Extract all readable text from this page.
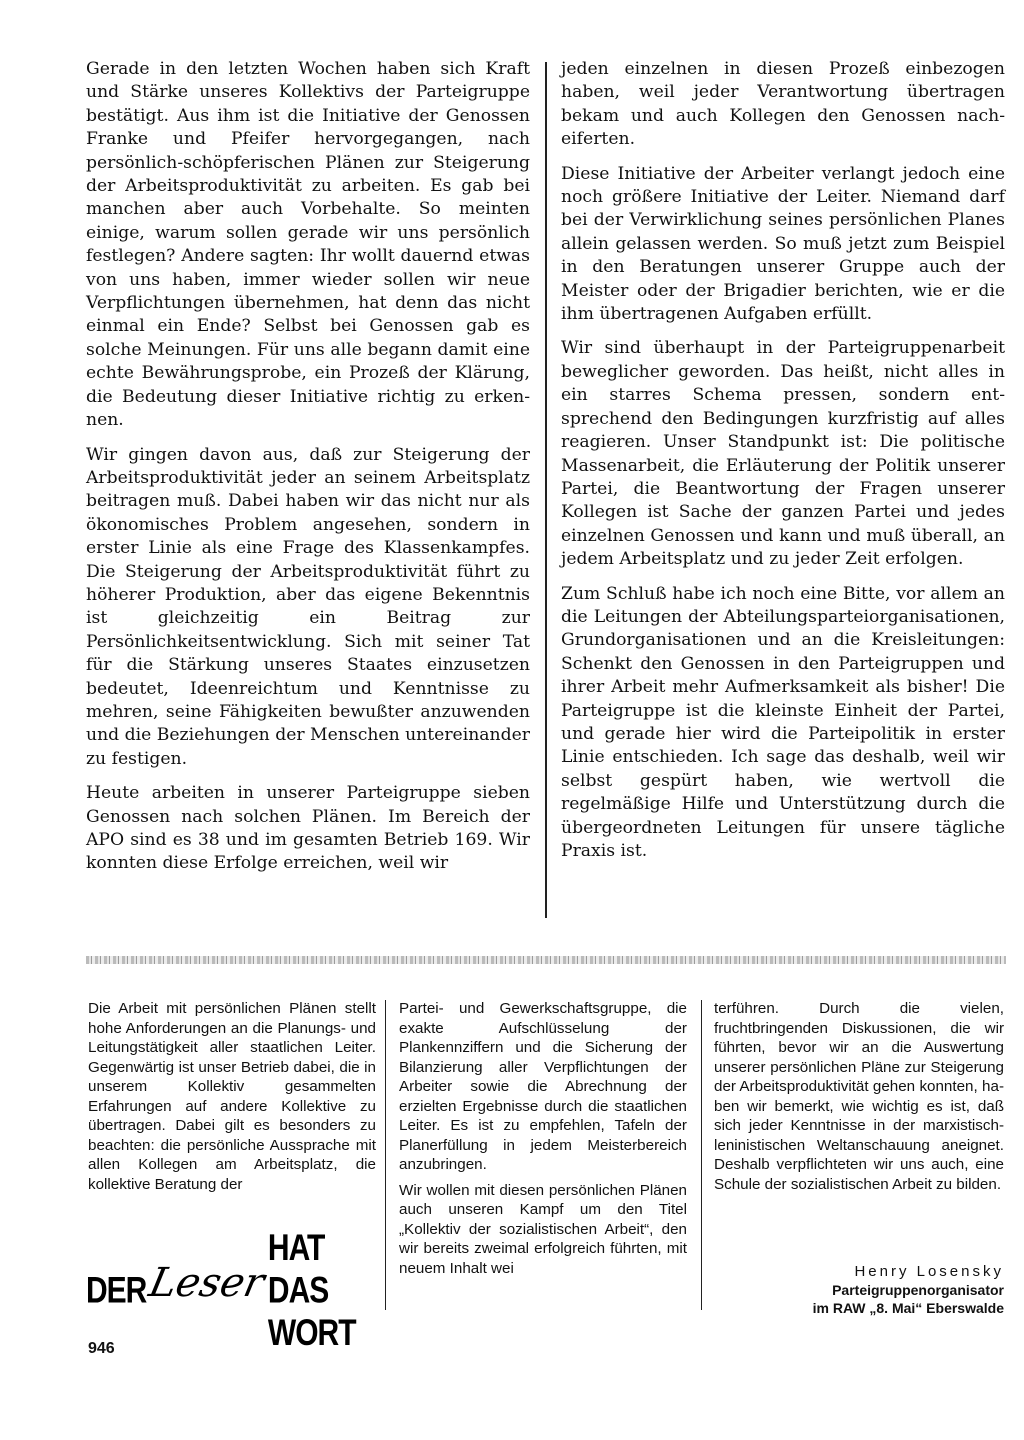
Gerade in den letzten Wochen haben sich Kraft und Stärke unseres Kollektivs der Parteigruppe bestätigt. Aus ihm ist die Initiative der Genossen Franke und Pfeifer hervorgegangen, nach persönlich-schöpferischen Plänen zur Steigerung der Arbeitsproduktivität zu arbeiten. Es gab bei manchen aber auch Vorbehalte. So meinten einige, warum sollen gerade wir uns persönlich festlegen? Andere sagten: Ihr wollt dauernd etwas von uns haben, immer wieder sollen wir neue Verpflichtungen übernehmen, hat denn das nicht einmal ein Ende? Selbst bei Genossen gab es solche Meinungen. Für uns alle begann damit eine echte Bewährungsprobe, ein Prozeß der Klärung, die Bedeutung dieser Initiative richtig zu erkennen.

Wir gingen davon aus, daß zur Steigerung der Arbeitsproduktivität jeder an seinem Arbeitsplatz beitragen muß. Dabei haben wir das nicht nur als ökonomisches Problem angesehen, sondern in erster Linie als eine Frage des Klassenkampfes. Die Steigerung der Arbeitsproduktivität führt zu höherer Produktion, aber das eigene Bekenntnis ist gleichzeitig ein Beitrag zur Persönlichkeitsentwicklung. Sich mit seiner Tat für die Stärkung unseres Staates einzusetzen bedeutet, Ideenreichtum und Kenntnisse zu mehren, seine Fähigkeiten bewußter anzuwenden und die Beziehungen der Menschen untereinander zu festigen.

Heute arbeiten in unserer Parteigruppe sieben Genossen nach solchen Plänen. Im Bereich der APO sind es 38 und im gesamten Betrieb 169. Wir konnten diese Erfolge erreichen, weil wir

jeden einzelnen in diesen Prozeß einbezogen haben, weil jeder Verantwortung übertragen bekam und auch Kollegen den Genossen nacheiferten.

Diese Initiative der Arbeiter verlangt jedoch eine noch größere Initiative der Leiter. Niemand darf bei der Verwirklichung seines persönlichen Planes allein gelassen werden. So muß jetzt zum Beispiel in den Beratungen unserer Gruppe auch der Meister oder der Brigadier berichten, wie er die ihm übertragenen Aufgaben erfüllt.

Wir sind überhaupt in der Parteigruppenarbeit beweglicher geworden. Das heißt, nicht alles in ein starres Schema pressen, sondern entsprechend den Bedingungen kurzfristig auf alles reagieren. Unser Standpunkt ist: Die politische Massenarbeit, die Erläuterung der Politik unserer Partei, die Beantwortung der Fragen unserer Kollegen ist Sache der ganzen Partei und jedes einzelnen Genossen und kann und muß überall, an jedem Arbeitsplatz und zu jeder Zeit erfolgen.

Zum Schluß habe ich noch eine Bitte, vor allem an die Leitungen der Abteilungsparteiorganisationen, Grundorganisationen und an die Kreisleitungen: Schenkt den Genossen in den Parteigruppen und ihrer Arbeit mehr Aufmerksamkeit als bisher! Die Parteigruppe ist die kleinste Einheit der Partei, und gerade hier wird die Parteipolitik in erster Linie entschieden. Ich sage das deshalb, weil wir selbst gespürt haben, wie wertvoll die regelmäßige Hilfe und Unterstützung durch die übergeordneten Leitungen für unsere tägliche Praxis ist.

Die Arbeit mit persönlichen Plänen stellt hohe Anforderungen an die Planungs- und Leitungstätigkeit aller staatlichen Leiter. Gegenwärtig ist unser Betrieb dabei, die in unserem Kollektiv gesammelten Erfahrungen auf andere Kollektive zu übertragen. Dabei gilt es besonders zu beachten: die persönliche Aussprache mit allen Kollegen am Arbeitsplatz, die kollektive Beratung der

Partei- und Gewerkschaftsgruppe, die exakte Aufschlüsselung der Plankennziffern und die Sicherung der Bilanzierung aller Verpflichtungen der Arbeiter sowie die Abrechnung der erzielten Ergebnisse durch die staatlichen Leiter. Es ist zu empfehlen, Tafeln der Planerfüllung in jedem Meisterbereich anzubringen.

Wir wollen mit diesen persönlichen Plänen auch unseren Kampf um den Titel „Kollektiv der sozialistischen Arbeit“, den wir bereits zweimal erfolgreich führten, mit neuem Inhalt wei

terführen. Durch die vielen, fruchtbringenden Diskussionen, die wir führten, bevor wir an die Auswertung unserer persönlichen Pläne zur Steigerung der Arbeitsproduktivität gehen konnten, haben wir bemerkt, wie wichtig es ist, daß sich jeder Kenntnisse in der marxistisch-leninistischen Weltanschauung aneignet. Deshalb verpflichteten wir uns auch, eine Schule der sozialistischen Arbeit zu bilden.

Henry Losensky
Parteigruppenorganisator
im RAW „8. Mai“ Eberswalde
DER Leser
HAT DAS WORT
946
